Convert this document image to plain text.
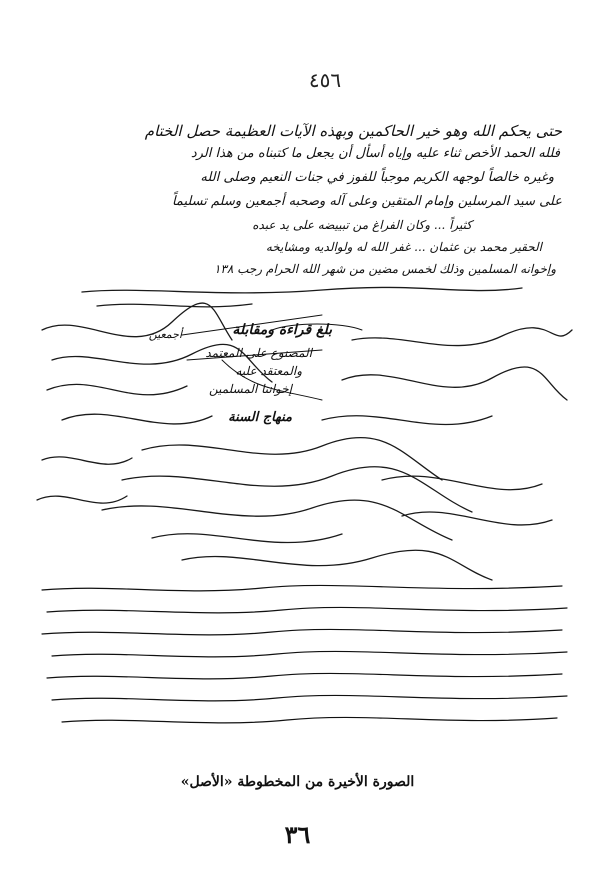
٤٥٦
حتى يحكم الله وهو خير الحاكمين وبهذه الآيات العظيمة حصل الختام
فلله الحمد الأخص ثناء عليه وإياه أسأل أن يجعل ما كتبناه من هذا الرد
وغيره خالصاً لوجهه الكريم موجباً للفوز في جنات النعيم وصلى الله
على سيد المرسلين وإمام المتقين وعلى آله وصحبه أجمعين وسلم تسليماً
كثيراً ... وكان الفراغ من تبييضه على يد عبده
الحقير محمد بن عثمان ... غفر الله له ولوالديه ومشايخه
وإخوانه المسلمين وذلك لخمس مضين من شهر الله الحرام رجب ١٣٨
بلغ قراءة ومقابلة
المصنوع على المعتمد
والمعتقد عليه
إخواننا المسلمين
أجمعين
منهاج السنة
الصورة الأخيرة من المخطوطة «الأصل»
٣٦
